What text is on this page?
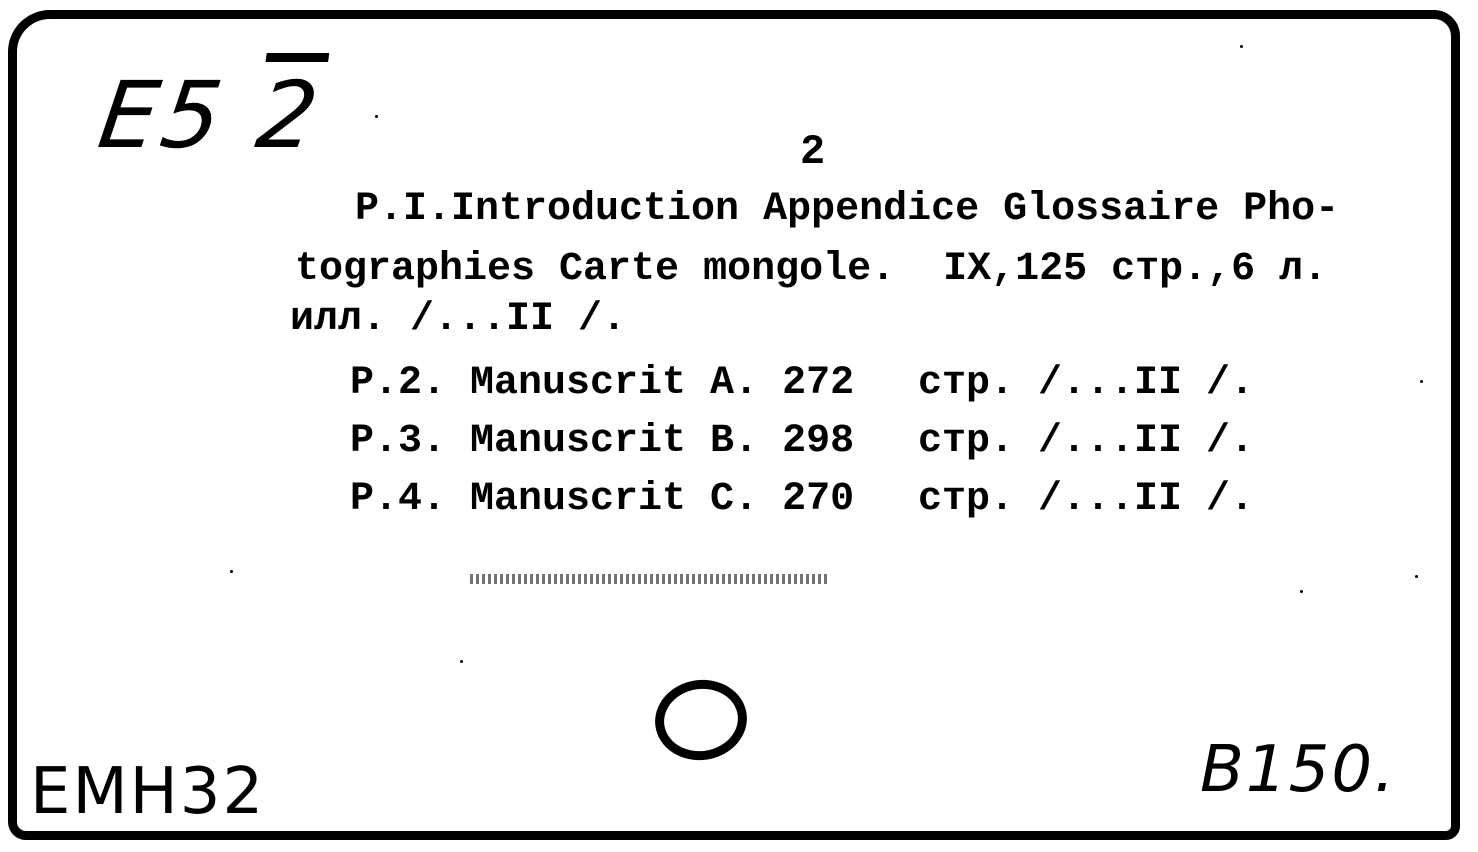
E5 2	2
P.I.Introduction Appendice Glossaire Pho-
tographies Carte mongole.  IX,125 стр.,6 л.
илл. /...II /.
P.2. Manuscrit A. 272 стр. /...II /.
P.3. Manuscrit B. 298 стр. /...II /.
P.4. Manuscrit C. 270 стр. /...II /.
EMH32	B150.
